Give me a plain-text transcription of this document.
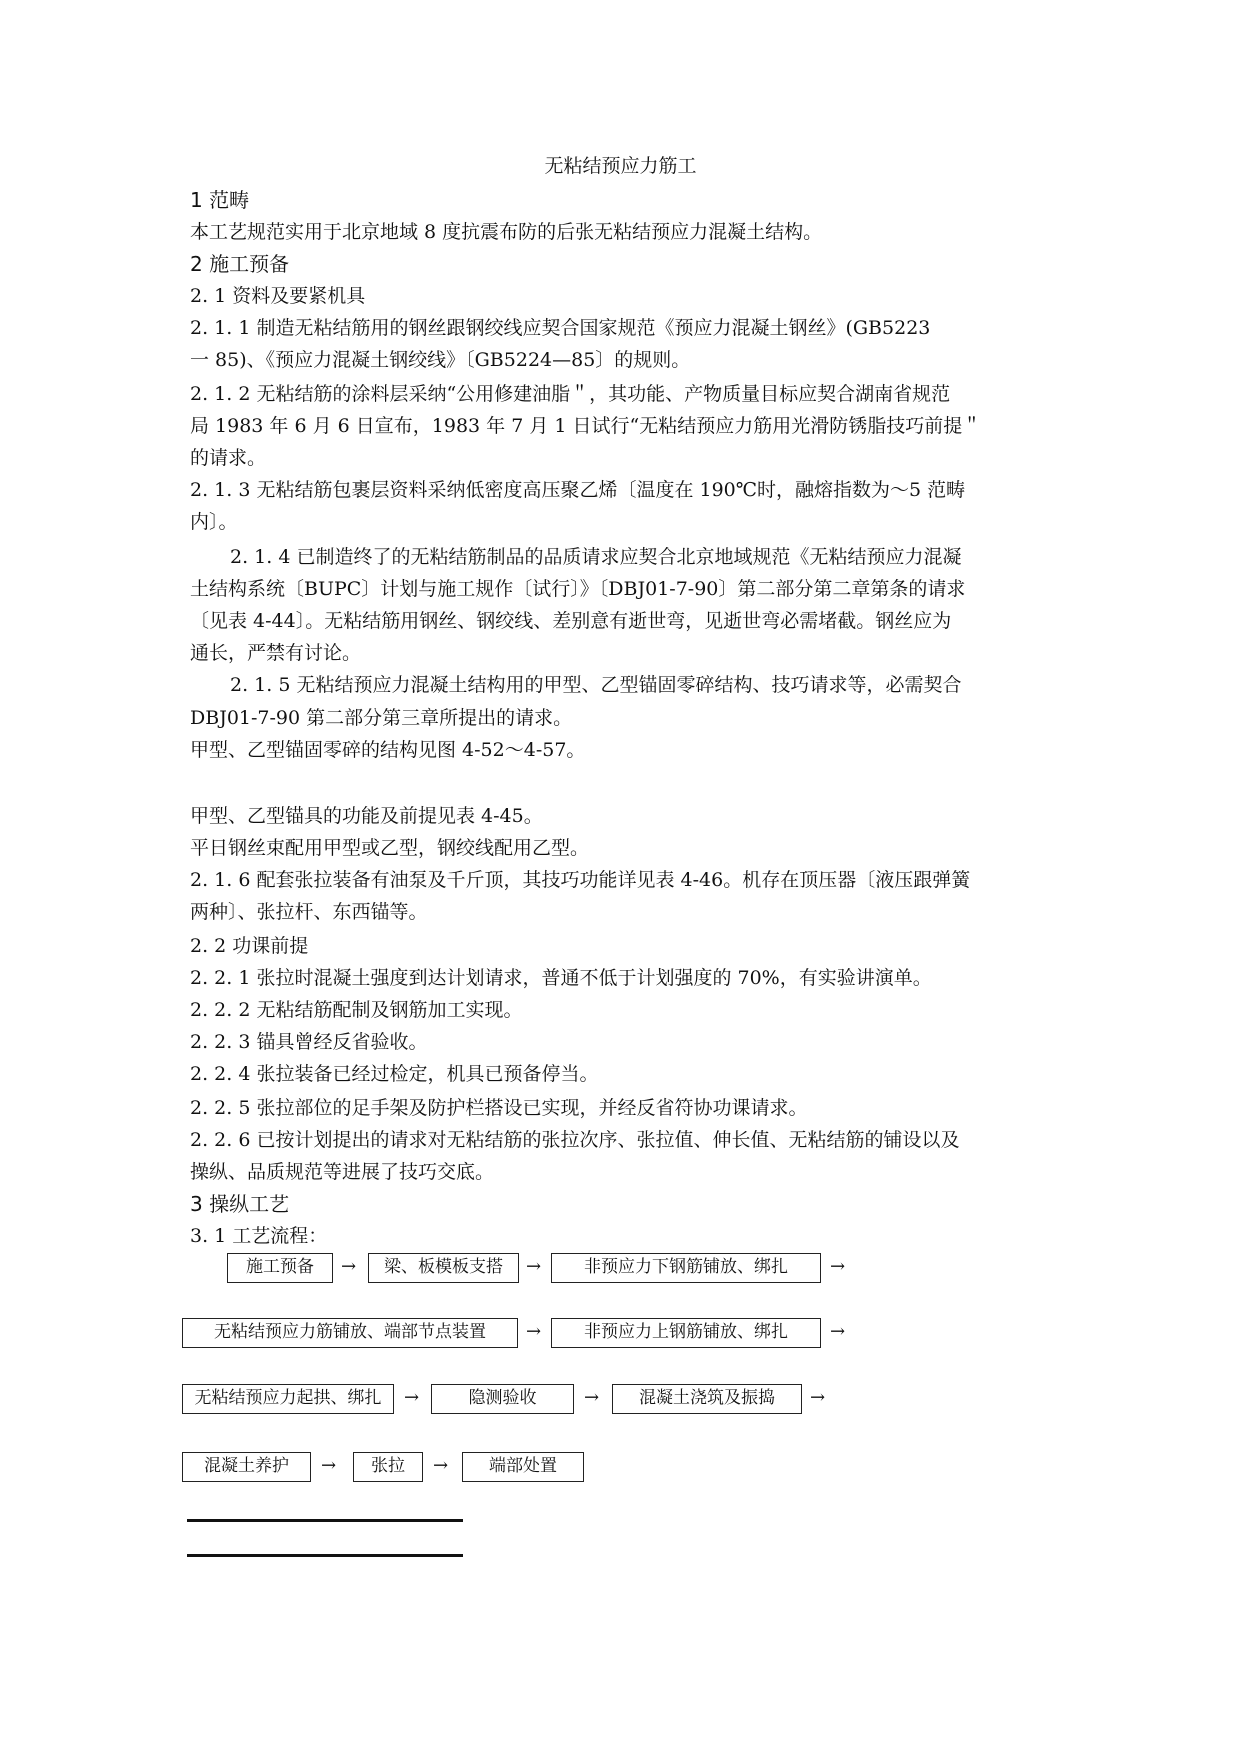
无粘结预应力筋工
1 范畴
本工艺规范实用于北京地域 8 度抗震布防的后张无粘结预应力混凝土结构。
2 施工预备
2. 1 资料及要紧机具
2. 1. 1 制造无粘结筋用的钢丝跟钢绞线应契合国家规范《预应力混凝土钢丝》(GB5223
一 85)、《预应力混凝土钢绞线》〔GB5224—85〕的规则。
2. 1. 2 无粘结筋的涂料层采纳“公用修建油脂＂，其功能、产物质量目标应契合湖南省规范
局 1983 年 6 月 6 日宣布，1983 年 7 月 1 日试行“无粘结预应力筋用光滑防锈脂技巧前提＂
的请求。
2. 1. 3 无粘结筋包裹层资料采纳低密度高压聚乙烯〔温度在 190℃时，融熔指数为～5 范畴
内〕。
2. 1. 4 已制造终了的无粘结筋制品的品质请求应契合北京地域规范《无粘结预应力混凝
土结构系统〔BUPC〕计划与施工规作〔试行〕》〔DBJ01-7-90〕第二部分第二章第条的请求
〔见表 4-44〕。无粘结筋用钢丝、钢绞线、差别意有逝世弯，见逝世弯必需堵截。钢丝应为
通长，严禁有讨论。
2. 1. 5 无粘结预应力混凝土结构用的甲型、乙型锚固零碎结构、技巧请求等，必需契合
DBJ01-7-90 第二部分第三章所提出的请求。
甲型、乙型锚固零碎的结构见图 4-52～4-57。
甲型、乙型锚具的功能及前提见表 4-45。
平日钢丝束配用甲型或乙型，钢绞线配用乙型。
2. 1. 6 配套张拉装备有油泵及千斤顶，其技巧功能详见表 4-46。机存在顶压器〔液压跟弹簧
两种〕、张拉杆、东西锚等。
2. 2 功课前提
2. 2. 1 张拉时混凝土强度到达计划请求，普通不低于计划强度的 70%，有实验讲演单。
2. 2. 2 无粘结筋配制及钢筋加工实现。
2. 2. 3 锚具曾经反省验收。
2. 2. 4 张拉装备已经过检定，机具已预备停当。
2. 2. 5 张拉部位的足手架及防护栏搭设已实现，并经反省符协功课请求。
2. 2. 6 已按计划提出的请求对无粘结筋的张拉次序、张拉值、伸长值、无粘结筋的铺设以及
操纵、品质规范等进展了技巧交底。
3 操纵工艺
3. 1 工艺流程：
施工预备	→	梁、板模板支搭	→	非预应力下钢筋铺放、绑扎	→
无粘结预应力筋铺放、端部节点装置	→	非预应力上钢筋铺放、绑扎	→
无粘结预应力起拱、绑扎	→	隐测验收	→	混凝土浇筑及振捣	→
混凝土养护	→	张拉	→	端部处置
